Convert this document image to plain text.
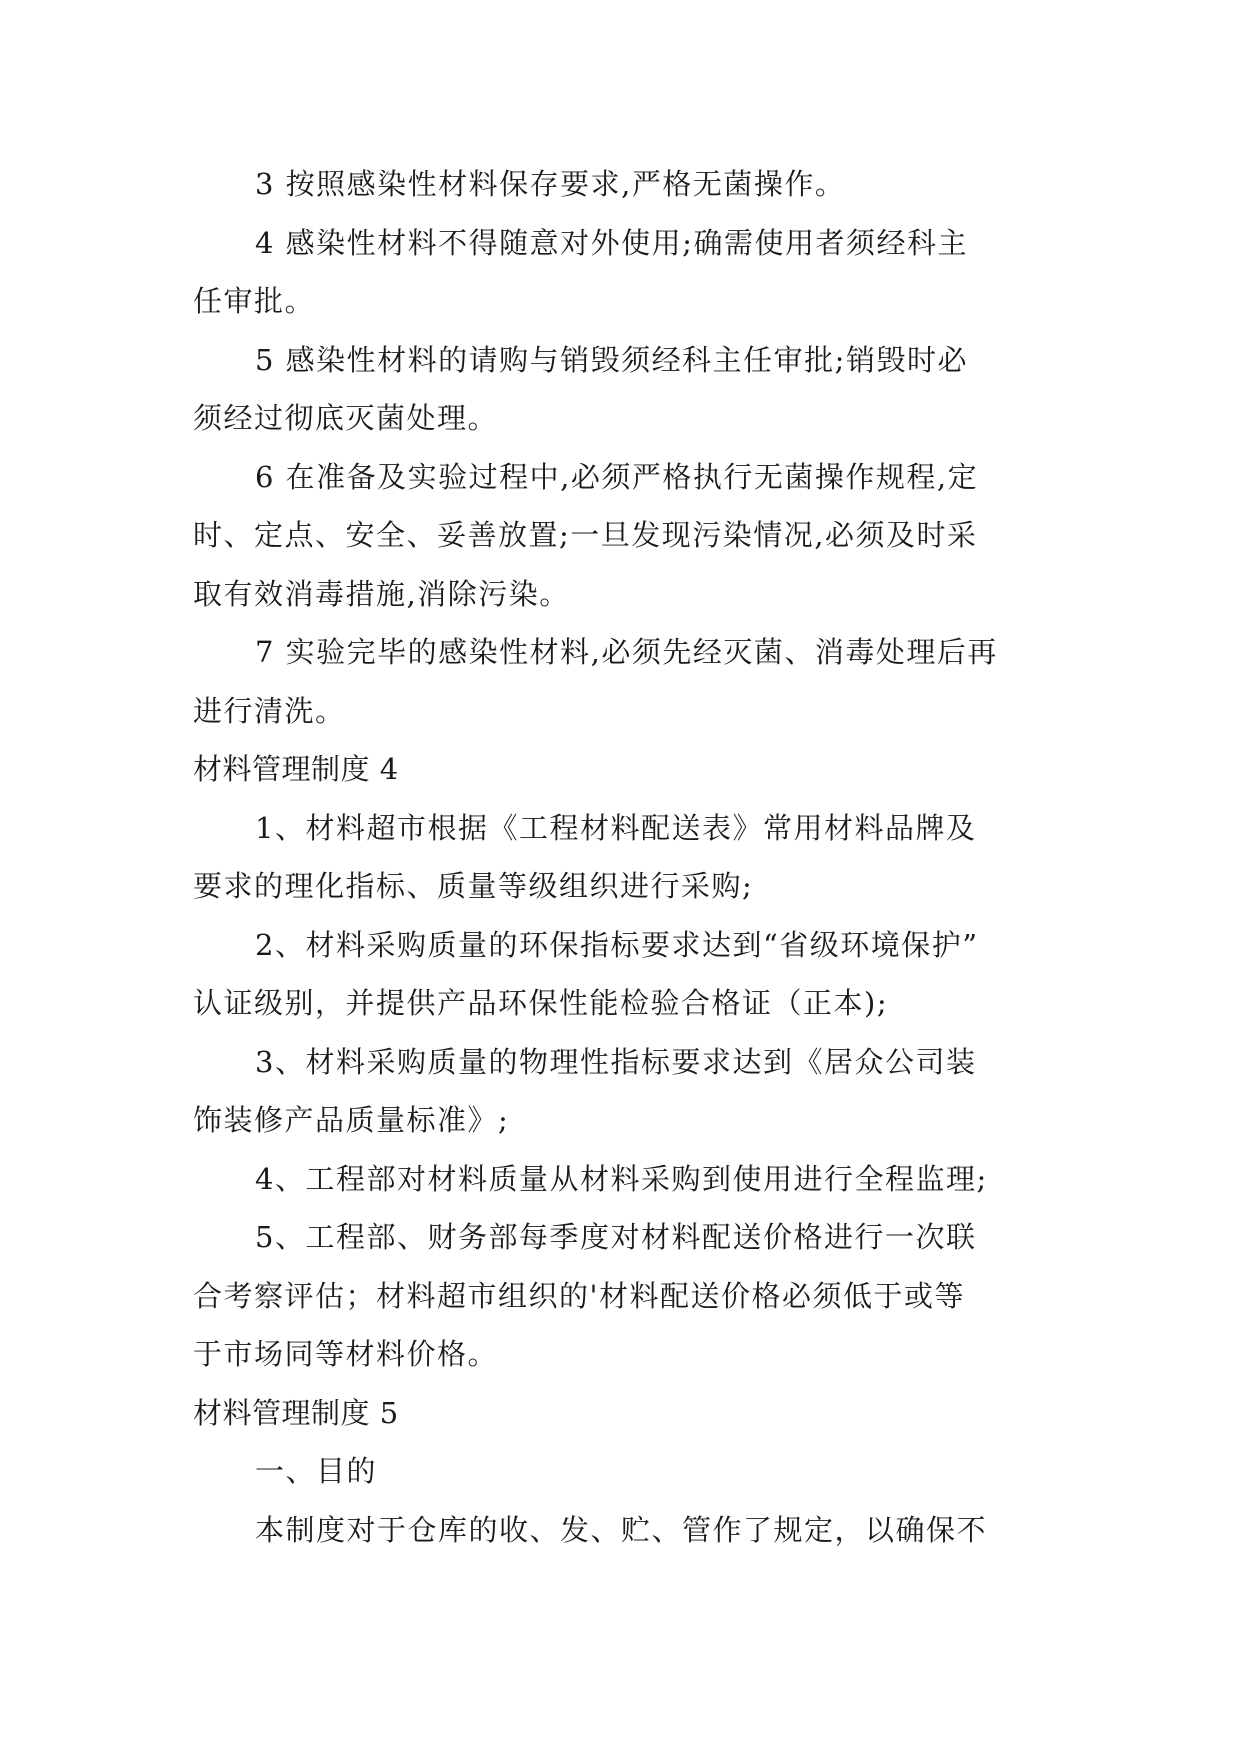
3 按照感染性材料保存要求,严格无菌操作。
4 感染性材料不得随意对外使用;确需使用者须经科主
任审批。
5 感染性材料的请购与销毁须经科主任审批;销毁时必
须经过彻底灭菌处理。
6 在准备及实验过程中,必须严格执行无菌操作规程,定
时、定点、安全、妥善放置;一旦发现污染情况,必须及时采
取有效消毒措施,消除污染。
7 实验完毕的感染性材料,必须先经灭菌、消毒处理后再
进行清洗。
材料管理制度 4
1、材料超市根据《工程材料配送表》常用材料品牌及
要求的理化指标、质量等级组织进行采购;
2、材料采购质量的环保指标要求达到“省级环境保护”
认证级别，并提供产品环保性能检验合格证（正本);
3、材料采购质量的物理性指标要求达到《居众公司装
饰装修产品质量标准》;
4、工程部对材料质量从材料采购到使用进行全程监理;
5、工程部、财务部每季度对材料配送价格进行一次联
合考察评估；材料超市组织的'材料配送价格必须低于或等
于市场同等材料价格。
材料管理制度 5
一、目的
本制度对于仓库的收、发、贮、管作了规定，以确保不
